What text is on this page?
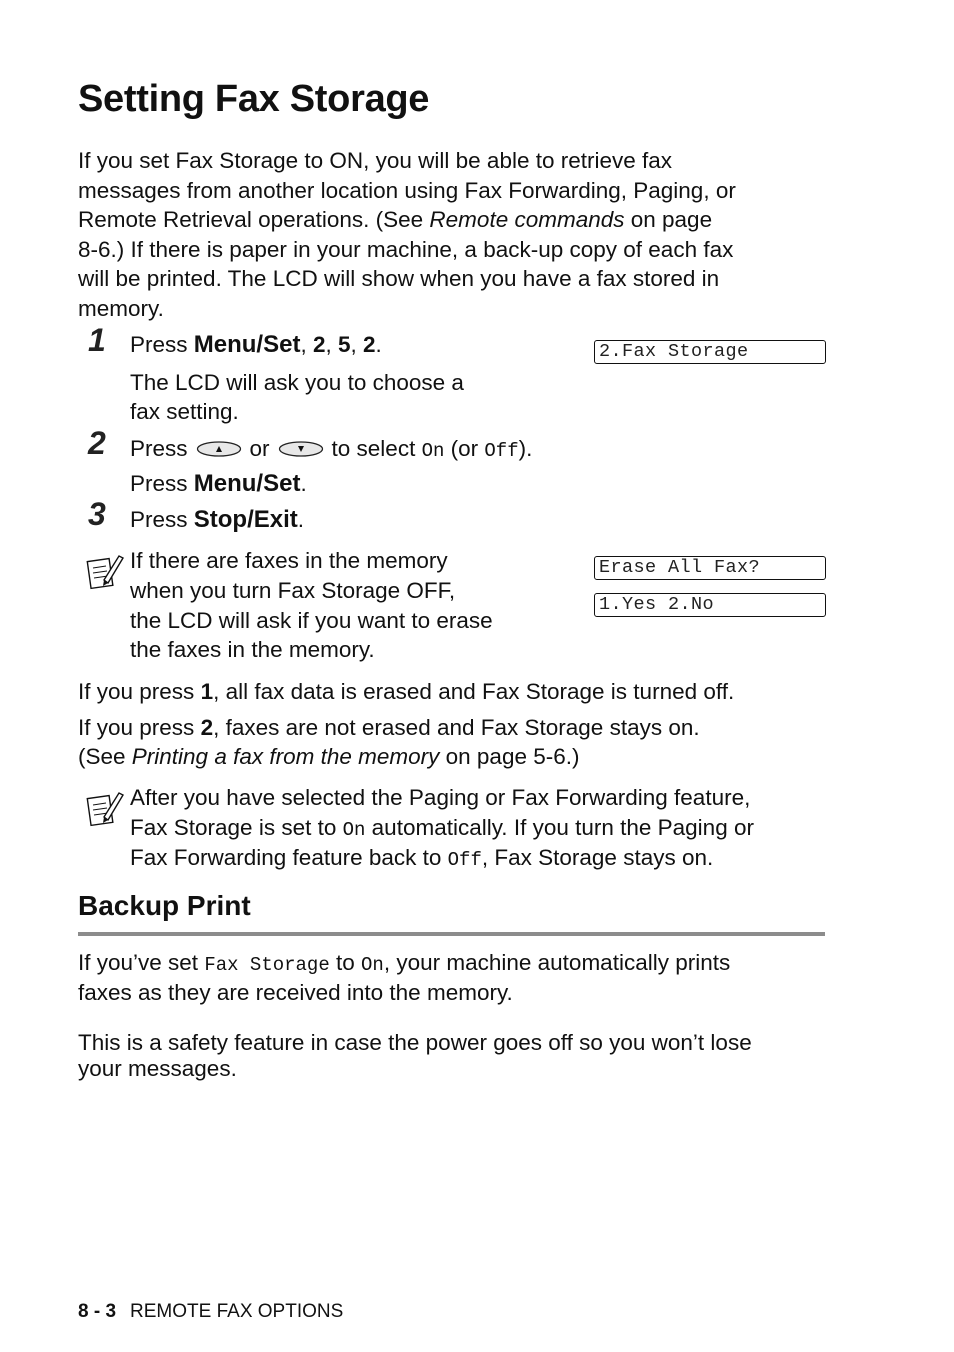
Setting Fax Storage

If you set Fax Storage to ON, you will be able to retrieve fax

messages from another location using Fax Forwarding, Paging, or

Remote Retrieval operations. (See Remote commands on page

8-6.) If there is paper in your machine, a back-up copy of each fax

will be printed. The LCD will show when you have a fax stored in

memory.

1 Press Menu/Set, 2, 5, 2.

The LCD will ask you to choose a

fax setting.

2.Fax Storage
2 Press	or	to select On (or Off).

Press Menu/Set.

3 Press Stop/Exit.

If there are faxes in the memory

when you turn Fax Storage OFF,

the LCD will ask if you want to erase

the faxes in the memory.

Erase All Fax?
1.Yes 2.No

If you press 1, all fax data is erased and Fax Storage is turned off.

If you press 2, faxes are not erased and Fax Storage stays on.

(See Printing a fax from the memory on page 5-6.)

After you have selected the Paging or Fax Forwarding feature,

Fax Storage is set to On automatically. If you turn the Paging or

Fax Forwarding feature back to Off, Fax Storage stays on.

Backup Print

If you’ve set Fax Storage to On, your machine automatically prints

faxes as they are received into the memory.

This is a safety feature in case the power goes off so you won’t lose

your messages.

8 - 3 REMOTE FAX OPTIONS
